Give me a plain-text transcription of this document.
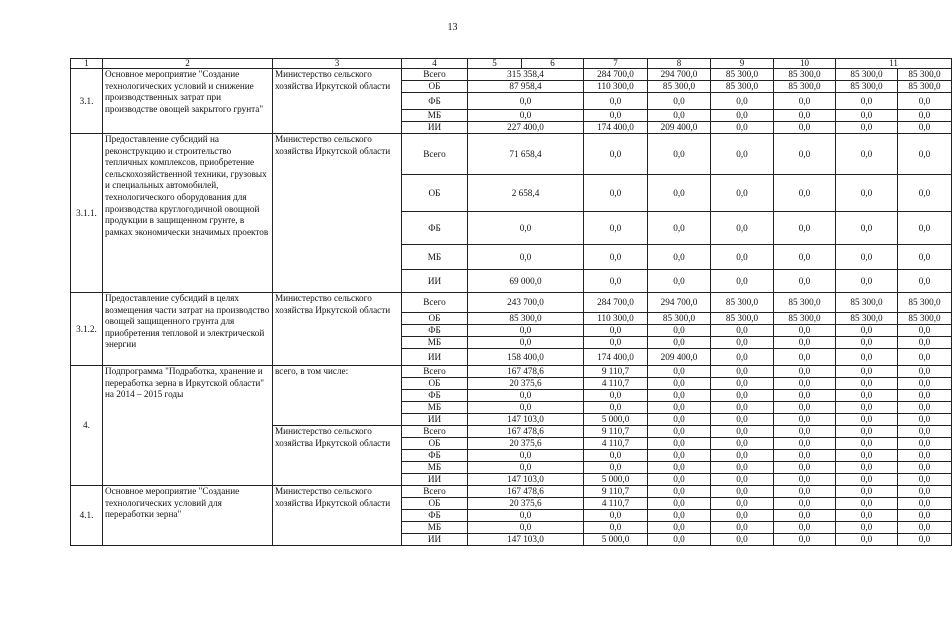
13
1	2	3	4	5	6	7	8	9	10	11	
3.1.	Основное мероприятие "Создание технологических условий и снижение производственных затрат при производстве овощей закрытого грунта"	Министерство сельского хозяйства Иркутской области	Всего	315 358,4		284 700,0	294 700,0	85 300,0	85 300,0	85 300,0	85 300,0
			ОБ	87 958,4		110 300,0	85 300,0	85 300,0	85 300,0	85 300,0	85 300,0
			ФБ	0,0		0,0	0,0	0,0	0,0	0,0	0,0
			МБ	0,0		0,0	0,0	0,0	0,0	0,0	0,0
			ИИ	227 400,0		174 400,0	209 400,0	0,0	0,0	0,0	0,0
3.1.1.	Предоставление субсидий на реконструкцию и строительство тепличных комплексов, приобретение сельскохозяйственной техники, грузовых и специальных автомобилей, технологического оборудования для производства круглогодичной овощной продукции в защищенном грунте, в рамках экономически значимых проектов	Министерство сельского хозяйства Иркутской области	Всего	71 658,4		0,0	0,0	0,0	0,0	0,0	0,0
			ОБ	2 658,4		0,0	0,0	0,0	0,0	0,0	0,0
			ФБ	0,0		0,0	0,0	0,0	0,0	0,0	0,0
			МБ	0,0		0,0	0,0	0,0	0,0	0,0	0,0
			ИИ	69 000,0		0,0	0,0	0,0	0,0	0,0	0,0
3.1.2.	Предоставление субсидий в целях возмещения части затрат на производство овощей защищенного грунта для приобретения тепловой и электрической энергии	Министерство сельского хозяйства Иркутской области	Всего	243 700,0		284 700,0	294 700,0	85 300,0	85 300,0	85 300,0	85 300,0
			ОБ	85 300,0		110 300,0	85 300,0	85 300,0	85 300,0	85 300,0	85 300,0
			ФБ	0,0		0,0	0,0	0,0	0,0	0,0	0,0
			МБ	0,0		0,0	0,0	0,0	0,0	0,0	0,0
			ИИ	158 400,0		174 400,0	209 400,0	0,0	0,0	0,0	0,0
4.	Подпрограмма "Подработка, хранение и переработка зерна в Иркутской области" на 2014 – 2015 годы	всего, в том числе:	Всего	167 478,6		9 110,7	0,0	0,0	0,0	0,0	0,0
			ОБ	20 375,6		4 110,7	0,0	0,0	0,0	0,0	0,0
			ФБ	0,0		0,0	0,0	0,0	0,0	0,0	0,0
			МБ	0,0		0,0	0,0	0,0	0,0	0,0	0,0
			ИИ	147 103,0		5 000,0	0,0	0,0	0,0	0,0	0,0
		Министерство сельского хозяйства Иркутской области	Всего	167 478,6		9 110,7	0,0	0,0	0,0	0,0	0,0
			ОБ	20 375,6		4 110,7	0,0	0,0	0,0	0,0	0,0
			ФБ	0,0		0,0	0,0	0,0	0,0	0,0	0,0
			МБ	0,0		0,0	0,0	0,0	0,0	0,0	0,0
			ИИ	147 103,0		5 000,0	0,0	0,0	0,0	0,0	0,0
4.1.	Основное мероприятие "Создание технологических условий для переработки зерна"	Министерство сельского хозяйства Иркутской области	Всего	167 478,6		9 110,7	0,0	0,0	0,0	0,0	0,0
			ОБ	20 375,6		4 110,7	0,0	0,0	0,0	0,0	0,0
			ФБ	0,0		0,0	0,0	0,0	0,0	0,0	0,0
			МБ	0,0		0,0	0,0	0,0	0,0	0,0	0,0
			ИИ	147 103,0		5 000,0	0,0	0,0	0,0	0,0	0,0
